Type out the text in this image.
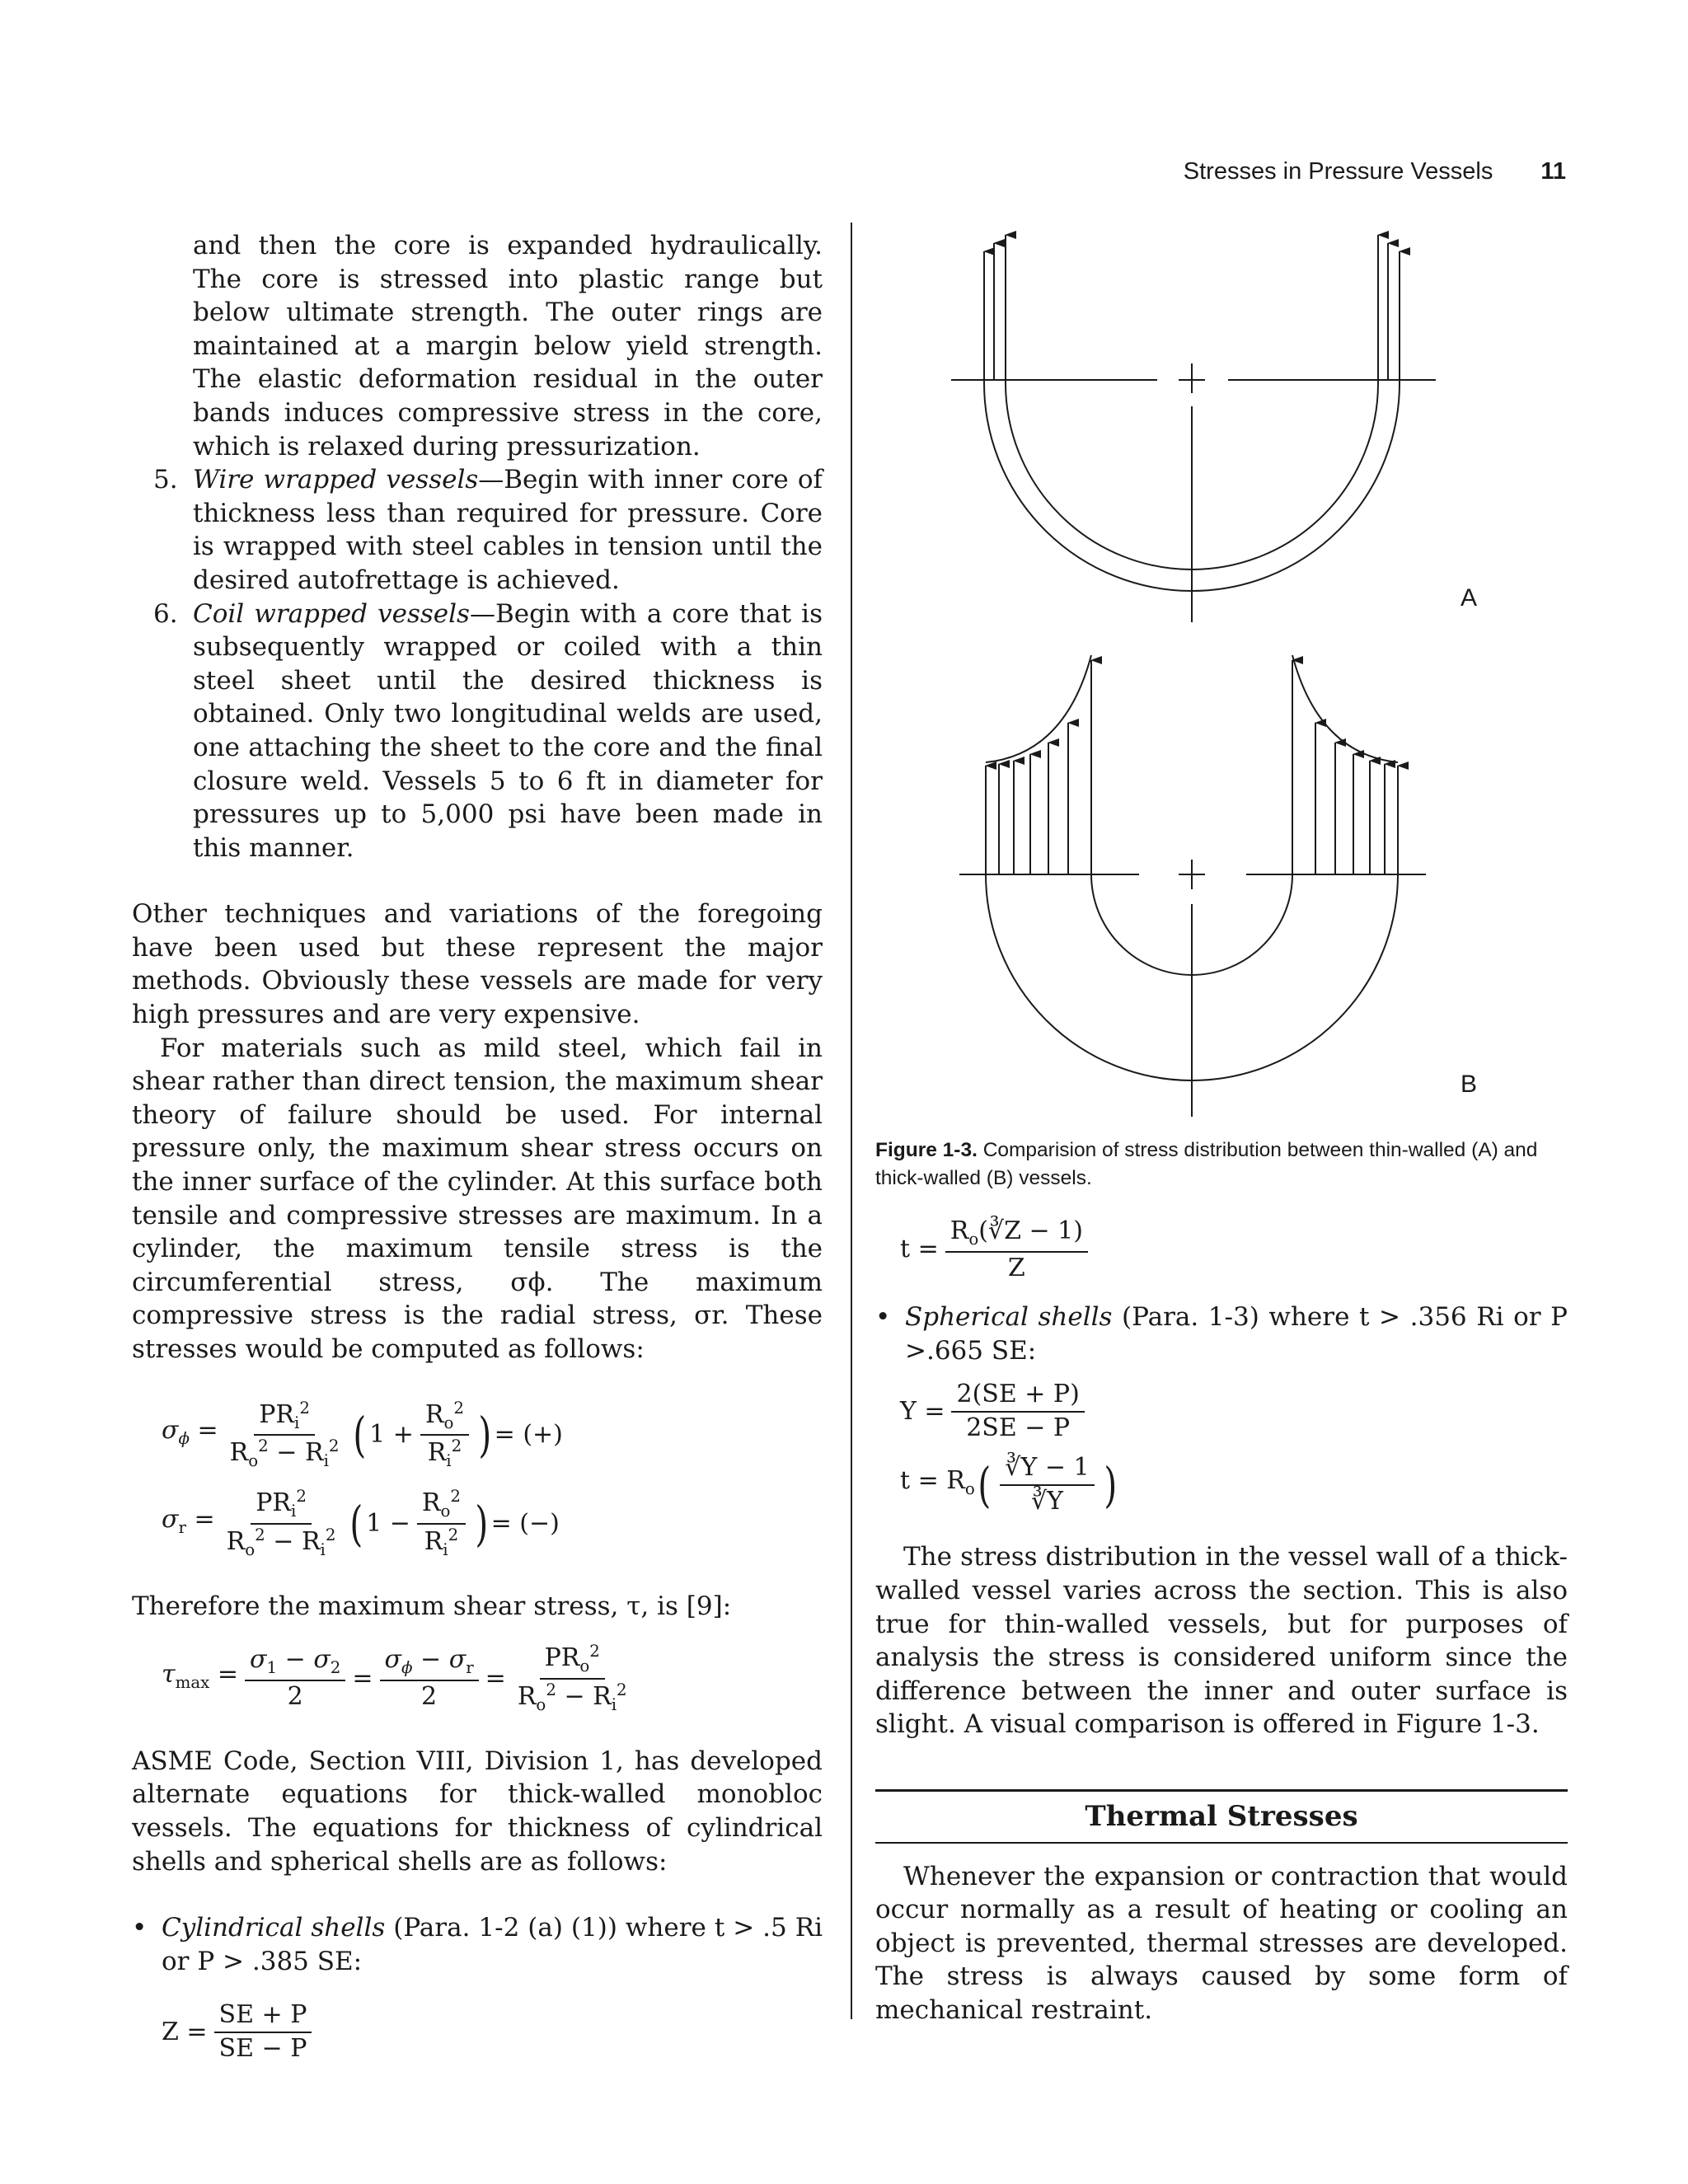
Stresses in Pressure Vessels 11

and then the core is expanded hydraulically. The core is stressed into plastic range but below ultimate strength. The outer rings are maintained at a margin below yield strength. The elastic deformation residual in the outer bands induces compressive stress in the core, which is relaxed during pressurization.

5. Wire wrapped vessels—Begin with inner core of thickness less than required for pressure. Core is wrapped with steel cables in tension until the desired autofrettage is achieved.
6. Coil wrapped vessels—Begin with a core that is subsequently wrapped or coiled with a thin steel sheet until the desired thickness is obtained. Only two longitudinal welds are used, one attaching the sheet to the core and the final closure weld. Vessels 5 to 6 ft in diameter for pressures up to 5,000 psi have been made in this manner.

Other techniques and variations of the foregoing have been used but these represent the major methods. Obviously these vessels are made for very high pressures and are very expensive.

For materials such as mild steel, which fail in shear rather than direct tension, the maximum shear theory of failure should be used. For internal pressure only, the maximum shear stress occurs on the inner surface of the cylinder. At this surface both tensile and compressive stresses are maximum. In a cylinder, the maximum tensile stress is the circumferential stress, σϕ. The maximum compressive stress is the radial stress, σr. These stresses would be computed as follows:

$\sigma_\phi = \frac{PR_i^2}{R_o^2 - R_i^2}$ ( $1 + \frac{R_o^2}{R_i^2}$ ) = (+)
$\sigma_r = \frac{PR_i^2}{R_o^2 - R_i^2}$ ( $1 - \frac{R_o^2}{R_i^2}$ ) = (−)

Therefore the maximum shear stress, τ, is [9]:

$\tau_{max} = \frac{\sigma_1 - \sigma_2}{2} = \frac{\sigma_\phi - \sigma_r}{2} = \frac{PR_o^2}{R_o^2 - R_i^2}$

ASME Code, Section VIII, Division 1, has developed alternate equations for thick-walled monobloc vessels. The equations for thickness of cylindrical shells and spherical shells are as follows:

• Cylindrical shells (Para. 1-2 (a) (1)) where t > .5 Ri or P > .385 SE:
$Z = \frac{SE + P}{SE - P}$
A
B
Figure 1-3. Comparision of stress distribution between thin-walled (A) and thick-walled (B) vessels.
$t = \frac{R_o(∛Z - 1)}{Z}$
• Spherical shells (Para. 1-3) where t > .356 Ri or P >.665 SE:
$Y = \frac{2(SE + P)}{2SE - P}$
$t = R_o$ ( $\frac{∛Y - 1}{∛Y}$ )

The stress distribution in the vessel wall of a thick-walled vessel varies across the section. This is also true for thin-walled vessels, but for purposes of analysis the stress is considered uniform since the difference between the inner and outer surface is slight. A visual comparison is offered in Figure 1-3.

Thermal Stresses

Whenever the expansion or contraction that would occur normally as a result of heating or cooling an object is prevented, thermal stresses are developed. The stress is always caused by some form of mechanical restraint.
